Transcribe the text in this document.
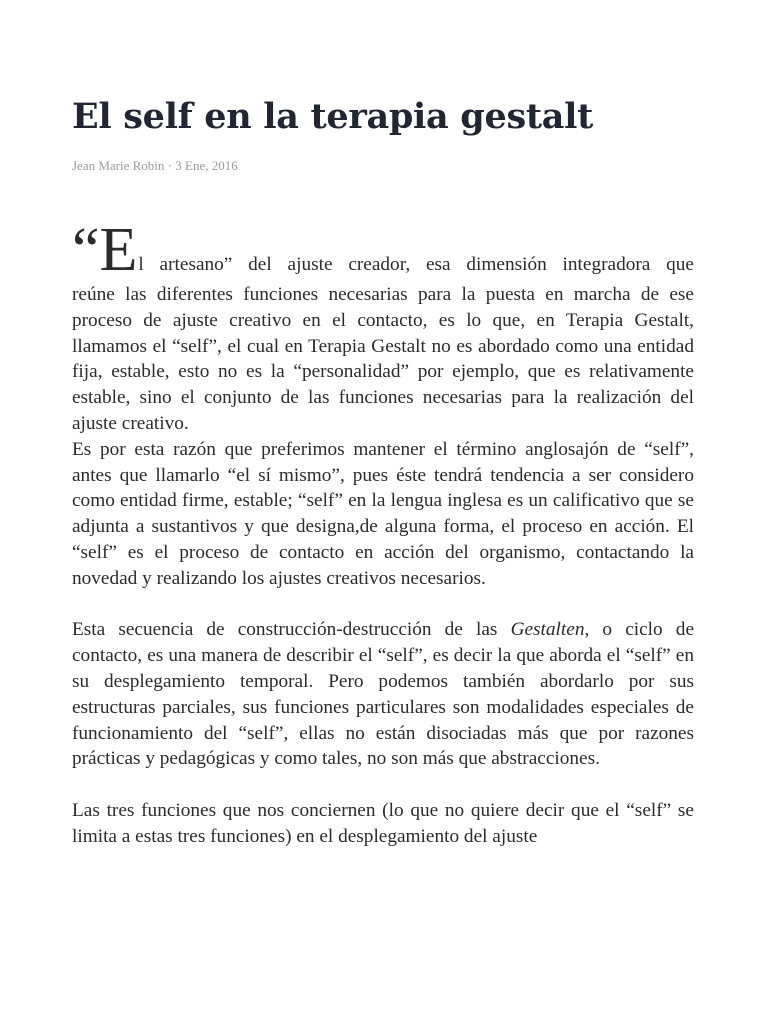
El self en la terapia gestalt

Jean Marie Robin · 3 Ene, 2016

“E l artesano” del ajuste creador, esa dimensión integradora que

reúne las diferentes funciones necesarias para la puesta en marcha de ese proceso de ajuste creativo en el contacto, es lo que, en Terapia Gestalt, llamamos el “self”, el cual en Terapia Gestalt no es abordado como una entidad fija, estable, esto no es la “personalidad” por ejemplo, que es relativamente estable, sino el conjunto de las funciones necesarias para la realización del ajuste creativo.

Es por esta razón que preferimos mantener el término anglosajón de “self”, antes que llamarlo “el sí mismo”, pues éste tendrá tendencia a ser considero como entidad firme, estable; “self” en la lengua inglesa es un calificativo que se adjunta a sustantivos y que designa,de alguna forma, el proceso en acción. El “self” es el proceso de contacto en acción del organismo, contactando la novedad y realizando los ajustes creativos necesarios.

Esta secuencia de construcción-destrucción de las Gestalten, o ciclo de contacto, es una manera de describir el “self”, es decir la que aborda el “self” en su desplegamiento temporal. Pero podemos también abordarlo por sus estructuras parciales, sus funciones particulares son modalidades especiales de funcionamiento del “self”, ellas no están disociadas más que por razones prácticas y pedagógicas y como tales, no son más que abstracciones.

Las tres funciones que nos conciernen (lo que no quiere decir que el “self” se limita a estas tres funciones) en el desplegamiento del ajuste
